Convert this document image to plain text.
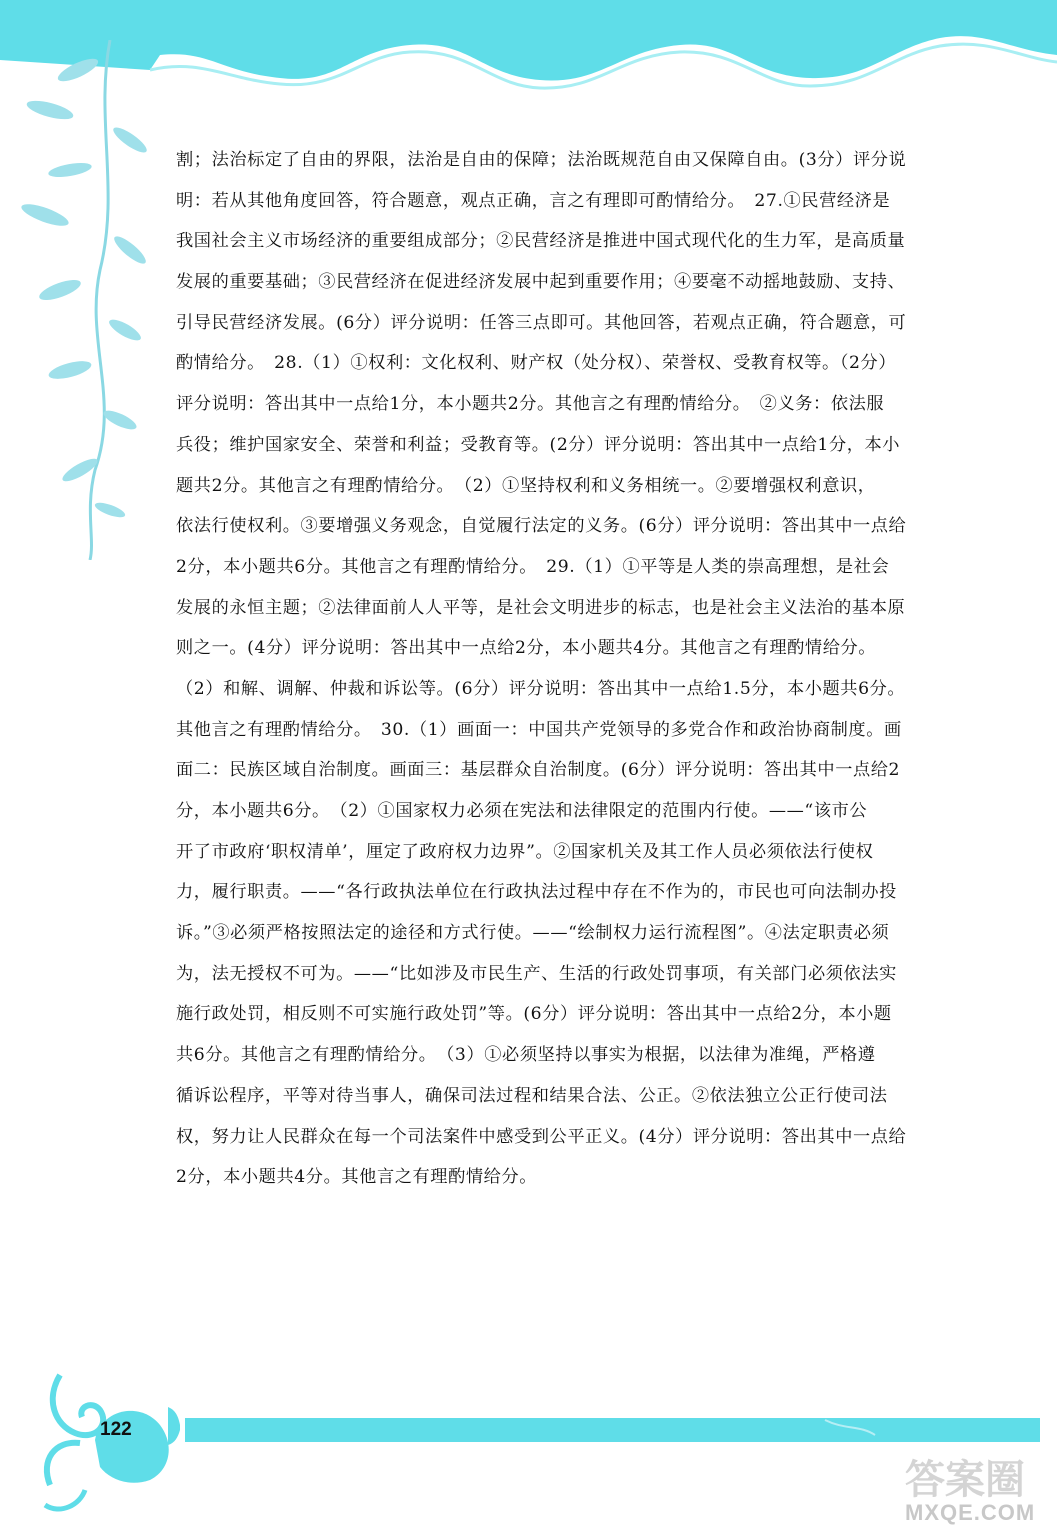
割；法治标定了自由的界限，法治是自由的保障；法治既规范自由又保障自由。(3分）评分说
明：若从其他角度回答，符合题意，观点正确，言之有理即可酌情给分。　27.①民营经济是
我国社会主义市场经济的重要组成部分；②民营经济是推进中国式现代化的生力军，是高质量
发展的重要基础；③民营经济在促进经济发展中起到重要作用；④要毫不动摇地鼓励、支持、
引导民营经济发展。(6分）评分说明：任答三点即可。其他回答，若观点正确，符合题意，可
酌情给分。　28.（1）①权利：文化权利、财产权（处分权）、荣誉权、受教育权等。（2分）
评分说明：答出其中一点给1分，本小题共2分。其他言之有理酌情给分。　②义务：依法服
兵役；维护国家安全、荣誉和利益；受教育等。(2分）评分说明：答出其中一点给1分，本小
题共2分。其他言之有理酌情给分。　（2）①坚持权利和义务相统一。②要增强权利意识，
依法行使权利。③要增强义务观念，自觉履行法定的义务。(6分）评分说明：答出其中一点给
2分，本小题共6分。其他言之有理酌情给分。　29.（1）①平等是人类的崇高理想，是社会
发展的永恒主题；②法律面前人人平等，是社会文明进步的标志，也是社会主义法治的基本原
则之一。(4分）评分说明：答出其中一点给2分，本小题共4分。其他言之有理酌情给分。
（2）和解、调解、仲裁和诉讼等。(6分）评分说明：答出其中一点给1.5分，本小题共6分。
其他言之有理酌情给分。　30.（1）画面一：中国共产党领导的多党合作和政治协商制度。画
面二：民族区域自治制度。画面三：基层群众自治制度。(6分）评分说明：答出其中一点给2
分，本小题共6分。　（2）①国家权力必须在宪法和法律限定的范围内行使。——“该市公
开了市政府‘职权清单’，厘定了政府权力边界”。②国家机关及其工作人员必须依法行使权
力，履行职责。——“各行政执法单位在行政执法过程中存在不作为的，市民也可向法制办投
诉。”③必须严格按照法定的途径和方式行使。——“绘制权力运行流程图”。④法定职责必须
为，法无授权不可为。——“比如涉及市民生产、生活的行政处罚事项，有关部门必须依法实
施行政处罚，相反则不可实施行政处罚”等。(6分）评分说明：答出其中一点给2分，本小题
共6分。其他言之有理酌情给分。　（3）①必须坚持以事实为根据，以法律为准绳，严格遵
循诉讼程序，平等对待当事人，确保司法过程和结果合法、公正。②依法独立公正行使司法
权，努力让人民群众在每一个司法案件中感受到公平正义。(4分）评分说明：答出其中一点给
2分，本小题共4分。其他言之有理酌情给分。
122
答案圈
MXQE.COM
